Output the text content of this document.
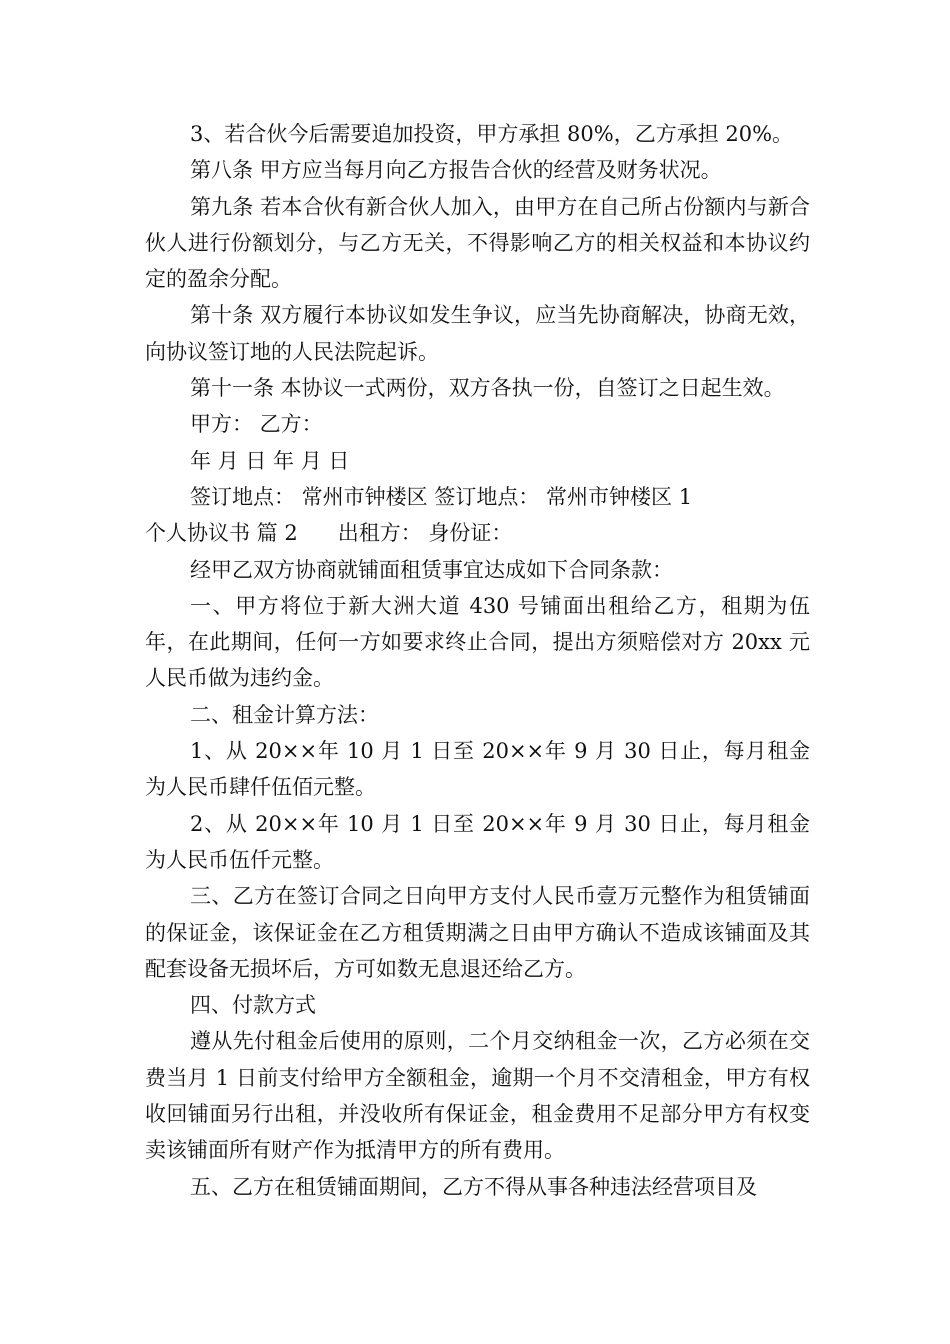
3、若合伙今后需要追加投资，甲方承担 80%，乙方承担 20%。

第八条 甲方应当每月向乙方报告合伙的经营及财务状况。

第九条 若本合伙有新合伙人加入，由甲方在自己所占份额内与新合伙人进行份额划分，与乙方无关，不得影响乙方的相关权益和本协议约定的盈余分配。

第十条 双方履行本协议如发生争议，应当先协商解决，协商无效，向协议签订地的人民法院起诉。

第十一条 本协议一式两份，双方各执一份，自签订之日起生效。

甲方： 乙方：

年 月 日 年 月 日

签订地点： 常州市钟楼区 签订地点： 常州市钟楼区 1

个人协议书 篇 2 出租方： 身份证：

经甲乙双方协商就铺面租赁事宜达成如下合同条款：

一、甲方将位于新大洲大道 430 号铺面出租给乙方，租期为伍年，在此期间，任何一方如要求终止合同，提出方须赔偿对方 20xx 元人民币做为违约金。

二、租金计算方法：

1、从 20××年 10 月 1 日至 20××年 9 月 30 日止，每月租金为人民币肆仟伍佰元整。

2、从 20××年 10 月 1 日至 20××年 9 月 30 日止，每月租金为人民币伍仟元整。

三、乙方在签订合同之日向甲方支付人民币壹万元整作为租赁铺面的保证金，该保证金在乙方租赁期满之日由甲方确认不造成该铺面及其配套设备无损坏后，方可如数无息退还给乙方。

四、付款方式

遵从先付租金后使用的原则，二个月交纳租金一次，乙方必须在交费当月 1 日前支付给甲方全额租金，逾期一个月不交清租金，甲方有权收回铺面另行出租，并没收所有保证金，租金费用不足部分甲方有权变卖该铺面所有财产作为抵清甲方的所有费用。

五、乙方在租赁铺面期间，乙方不得从事各种违法经营项目及
